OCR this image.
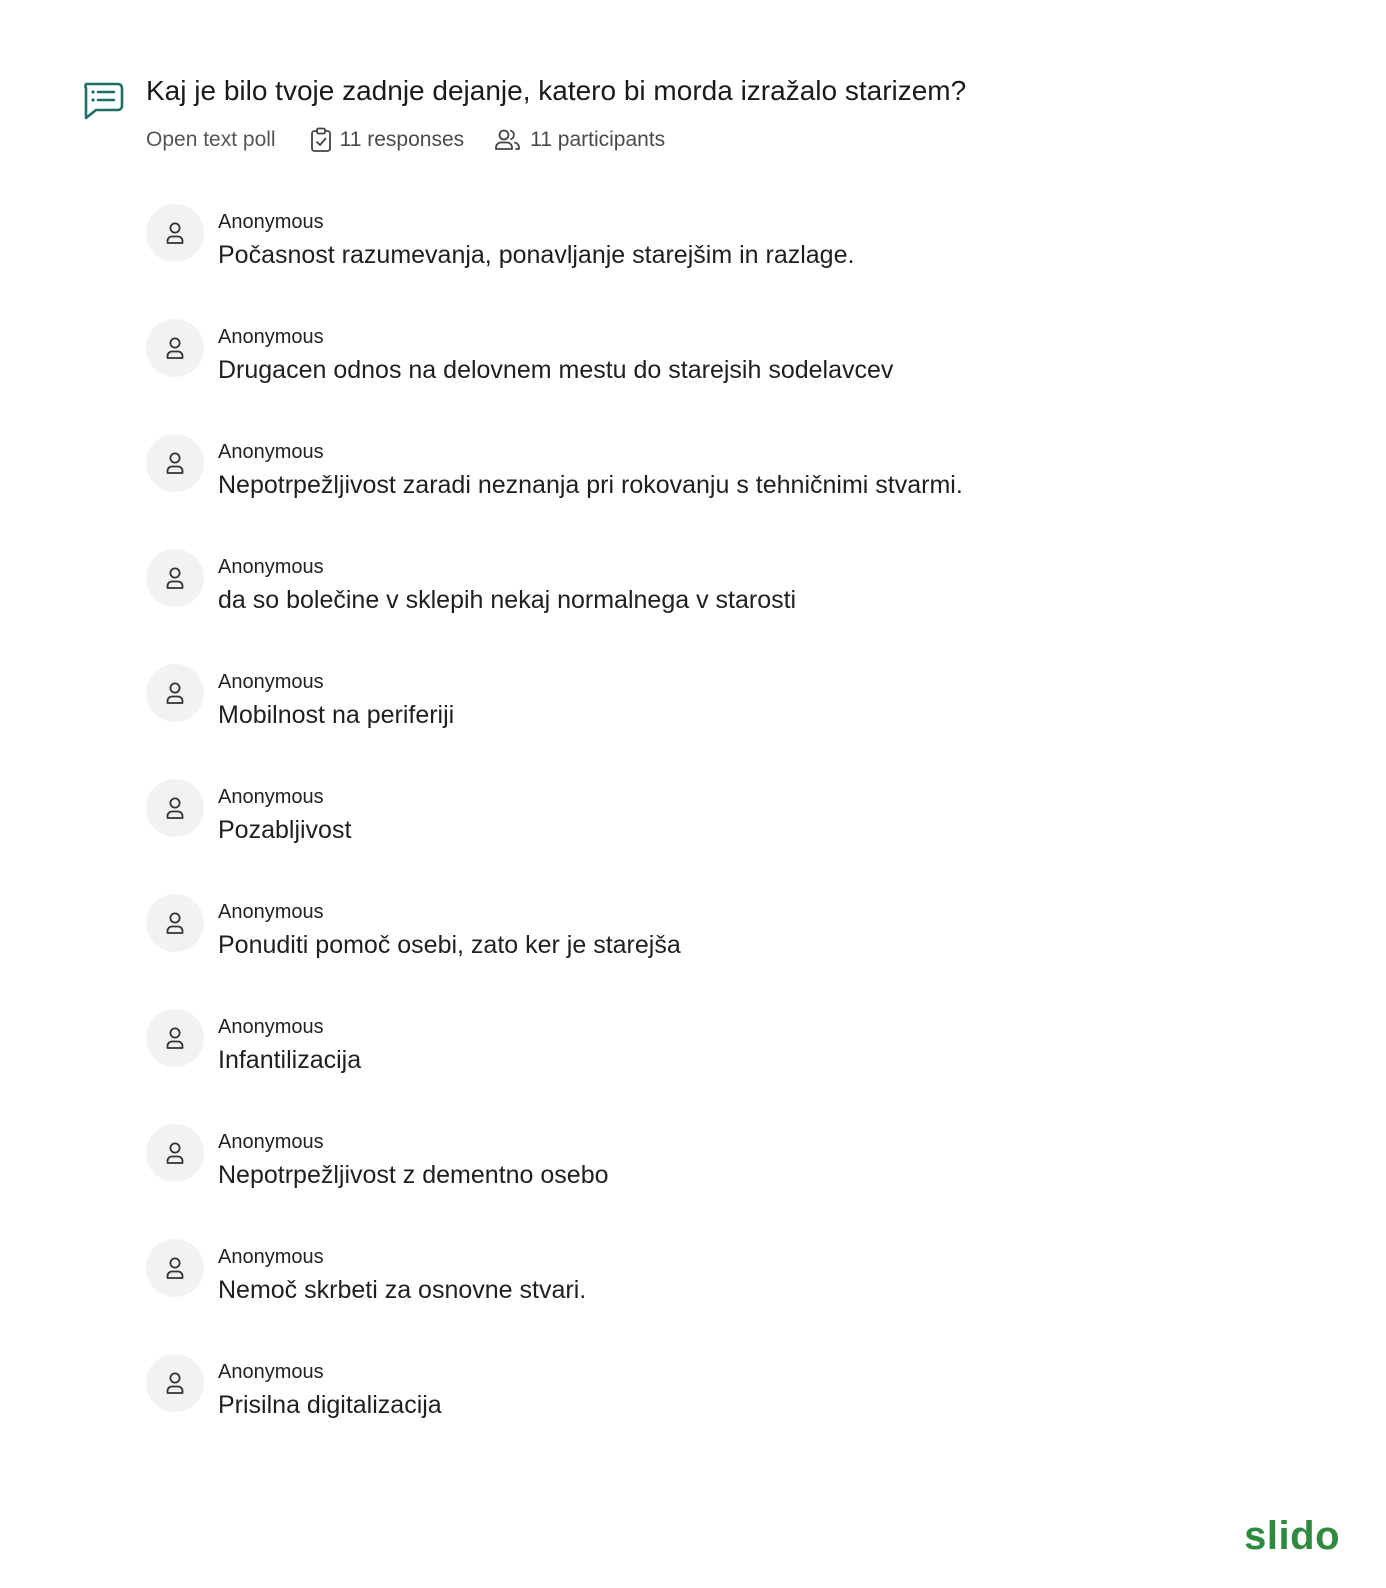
Kaj je bilo tvoje zadnje dejanje, katero bi morda izražalo starizem?
Open text poll	11 responses	11 participants
Anonymous
Počasnost razumevanja, ponavljanje starejšim in razlage.
Anonymous
Drugacen odnos na delovnem mestu do starejsih sodelavcev
Anonymous
Nepotrpežljivost zaradi neznanja pri rokovanju s tehničnimi stvarmi.
Anonymous
da so bolečine v sklepih nekaj normalnega v starosti
Anonymous
Mobilnost na periferiji
Anonymous
Pozabljivost
Anonymous
Ponuditi pomoč osebi, zato ker je starejša
Anonymous
Infantilizacija
Anonymous
Nepotrpežljivost z dementno osebo
Anonymous
Nemoč skrbeti za osnovne stvari.
Anonymous
Prisilna digitalizacija
slido
